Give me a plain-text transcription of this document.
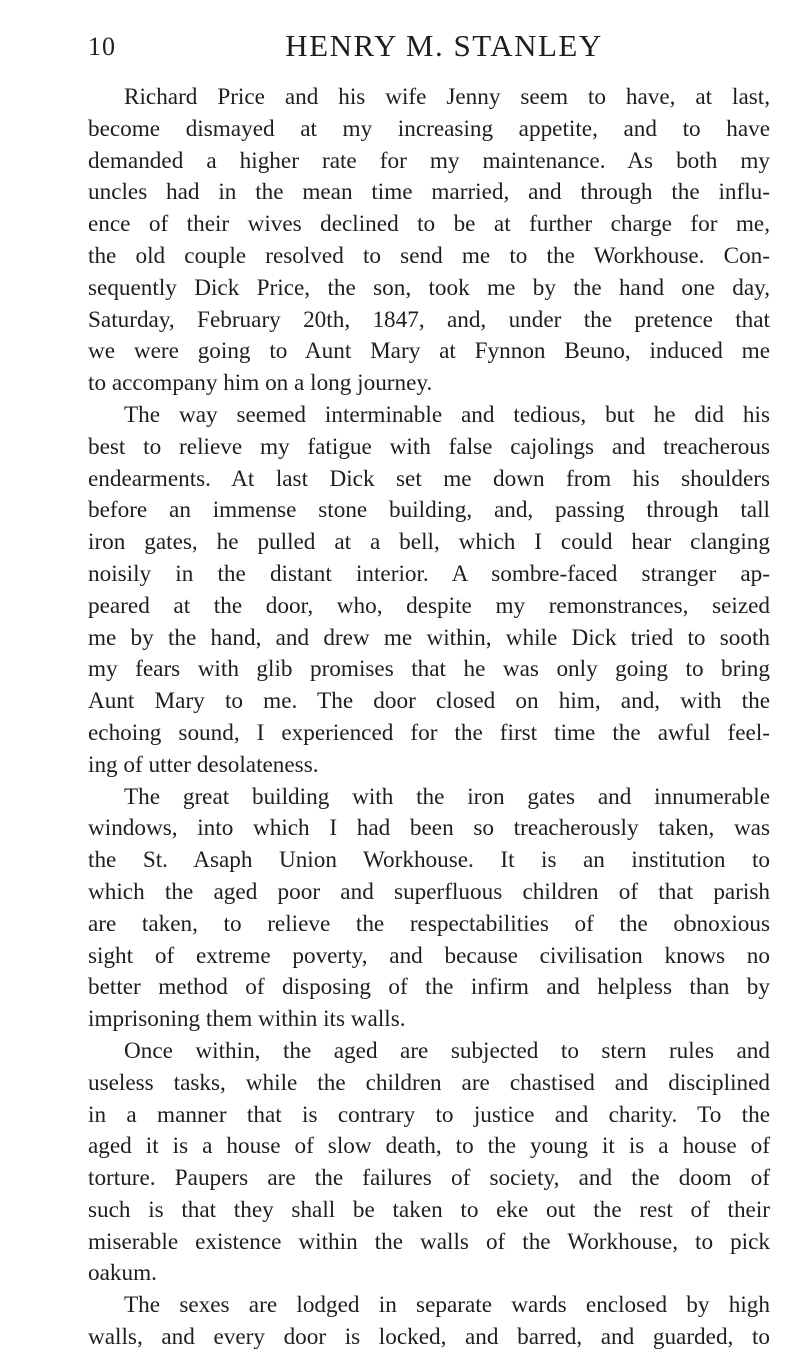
10	HENRY M. STANLEY
Richard Price and his wife Jenny seem to have, at last,
become dismayed at my increasing appetite, and to have
demanded a higher rate for my maintenance. As both my
uncles had in the mean time married, and through the influ-
ence of their wives declined to be at further charge for me,
the old couple resolved to send me to the Workhouse. Con-
sequently Dick Price, the son, took me by the hand one day,
Saturday, February 20th, 1847, and, under the pretence that
we were going to Aunt Mary at Fynnon Beuno, induced me
to accompany him on a long journey.
The way seemed interminable and tedious, but he did his
best to relieve my fatigue with false cajolings and treacherous
endearments. At last Dick set me down from his shoulders
before an immense stone building, and, passing through tall
iron gates, he pulled at a bell, which I could hear clanging
noisily in the distant interior. A sombre-faced stranger ap-
peared at the door, who, despite my remonstrances, seized
me by the hand, and drew me within, while Dick tried to sooth
my fears with glib promises that he was only going to bring
Aunt Mary to me. The door closed on him, and, with the
echoing sound, I experienced for the first time the awful feel-
ing of utter desolateness.
The great building with the iron gates and innumerable
windows, into which I had been so treacherously taken, was
the St. Asaph Union Workhouse. It is an institution to
which the aged poor and superfluous children of that parish
are taken, to relieve the respectabilities of the obnoxious
sight of extreme poverty, and because civilisation knows no
better method of disposing of the infirm and helpless than by
imprisoning them within its walls.
Once within, the aged are subjected to stern rules and
useless tasks, while the children are chastised and disciplined
in a manner that is contrary to justice and charity. To the
aged it is a house of slow death, to the young it is a house of
torture. Paupers are the failures of society, and the doom of
such is that they shall be taken to eke out the rest of their
miserable existence within the walls of the Workhouse, to pick
oakum.
The sexes are lodged in separate wards enclosed by high
walls, and every door is locked, and barred, and guarded, to
